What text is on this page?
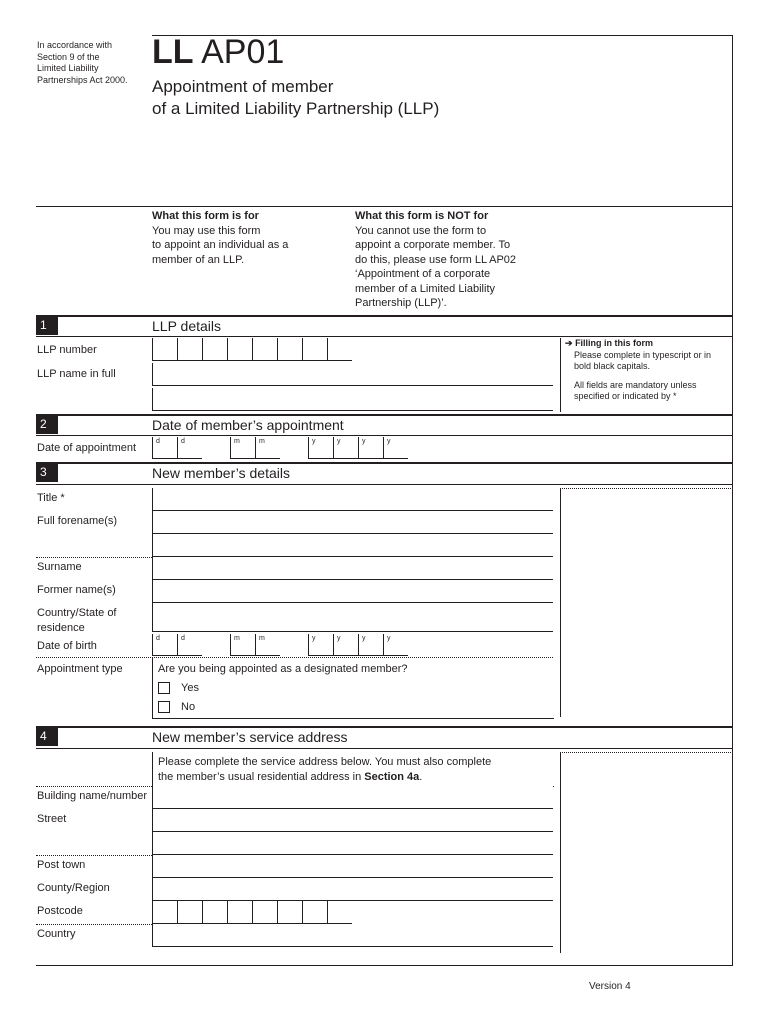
In accordance with
Section 9 of the
Limited Liability
Partnerships Act 2000.
LL AP01
Appointment of member
of a Limited Liability Partnership (LLP)
What this form is for
You may use this form
to appoint an individual as a
member of an LLP.
What this form is NOT for
You cannot use the form to
appoint a corporate member. To
do this, please use form LL AP02
‘Appointment of a corporate
member of a Limited Liability
Partnership (LLP)’.
1	LLP details
LLP number
LLP name in full
➔ Filling in this form
Please complete in typescript or in
bold black capitals.
All fields are mandatory unless
specified or indicated by *
2	Date of member’s appointment
Date of appointment
d	d	m	m	y	y	y	y
3	New member’s details
Title *
Full forename(s)
Surname
Former name(s)
Country/State of
residence
Date of birth
d	d	m	m	y	y	y	y
Appointment type	Are you being appointed as a designated member?
Yes
No
4	New member’s service address
Please complete the service address below. You must also complete
the member’s usual residential address in Section 4a.
Building name/number
Street
Post town
County/Region
Postcode
Country
Version 4
